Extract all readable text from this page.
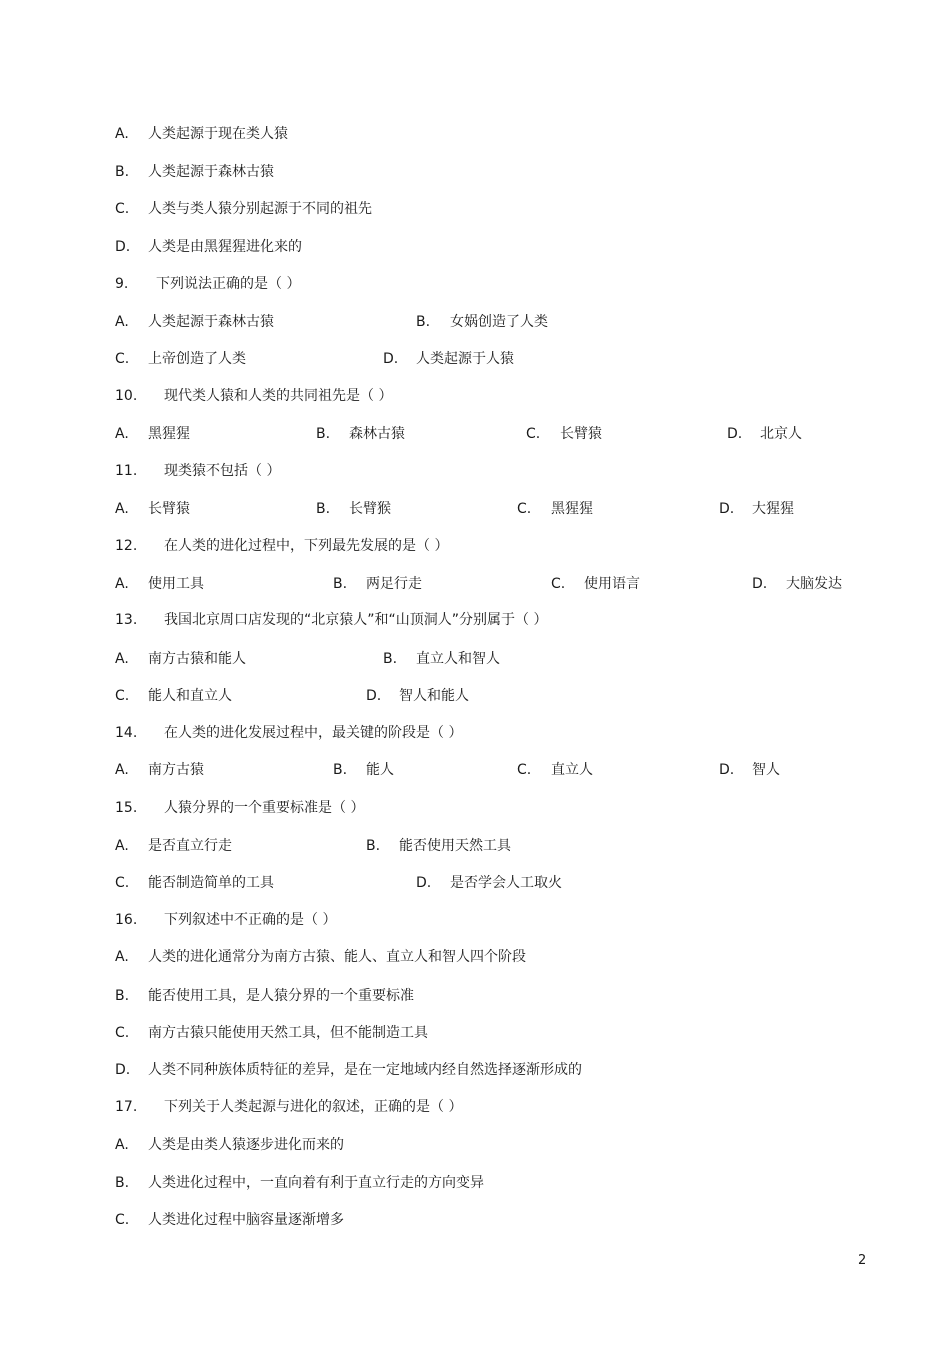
A. 人类起源于现在类人猿
B. 人类起源于森林古猿
C. 人类与类人猿分别起源于不同的祖先
D. 人类是由黑猩猩进化来的
9. 下列说法正确的是（ ）
A. 人类起源于森林古猿	B. 女娲创造了人类
C. 上帝创造了人类	D. 人类起源于人猿
10. 现代类人猿和人类的共同祖先是（ ）
A. 黑猩猩	B. 森林古猿	C. 长臂猿	D. 北京人
11. 现类猿不包括（ ）
A. 长臂猿	B. 长臂猴	C. 黑猩猩	D. 大猩猩
12. 在人类的进化过程中，下列最先发展的是（ ）
A. 使用工具	B. 两足行走	C. 使用语言	D. 大脑发达
13. 我国北京周口店发现的“北京猿人”和“山顶洞人”分别属于（ ）
A. 南方古猿和能人	B. 直立人和智人
C. 能人和直立人	D. 智人和能人
14. 在人类的进化发展过程中，最关键的阶段是（ ）
A. 南方古猿	B. 能人	C. 直立人	D. 智人
15. 人猿分界的一个重要标准是（ ）
A. 是否直立行走	B. 能否使用天然工具
C. 能否制造简单的工具	D. 是否学会人工取火
16. 下列叙述中不正确的是（ ）
A. 人类的进化通常分为南方古猿、能人、直立人和智人四个阶段
B. 能否使用工具，是人猿分界的一个重要标准
C. 南方古猿只能使用天然工具，但不能制造工具
D. 人类不同种族体质特征的差异，是在一定地域内经自然选择逐渐形成的
17. 下列关于人类起源与进化的叙述，正确的是（ ）
A. 人类是由类人猿逐步进化而来的
B. 人类进化过程中，一直向着有利于直立行走的方向变异
C. 人类进化过程中脑容量逐渐增多
2
